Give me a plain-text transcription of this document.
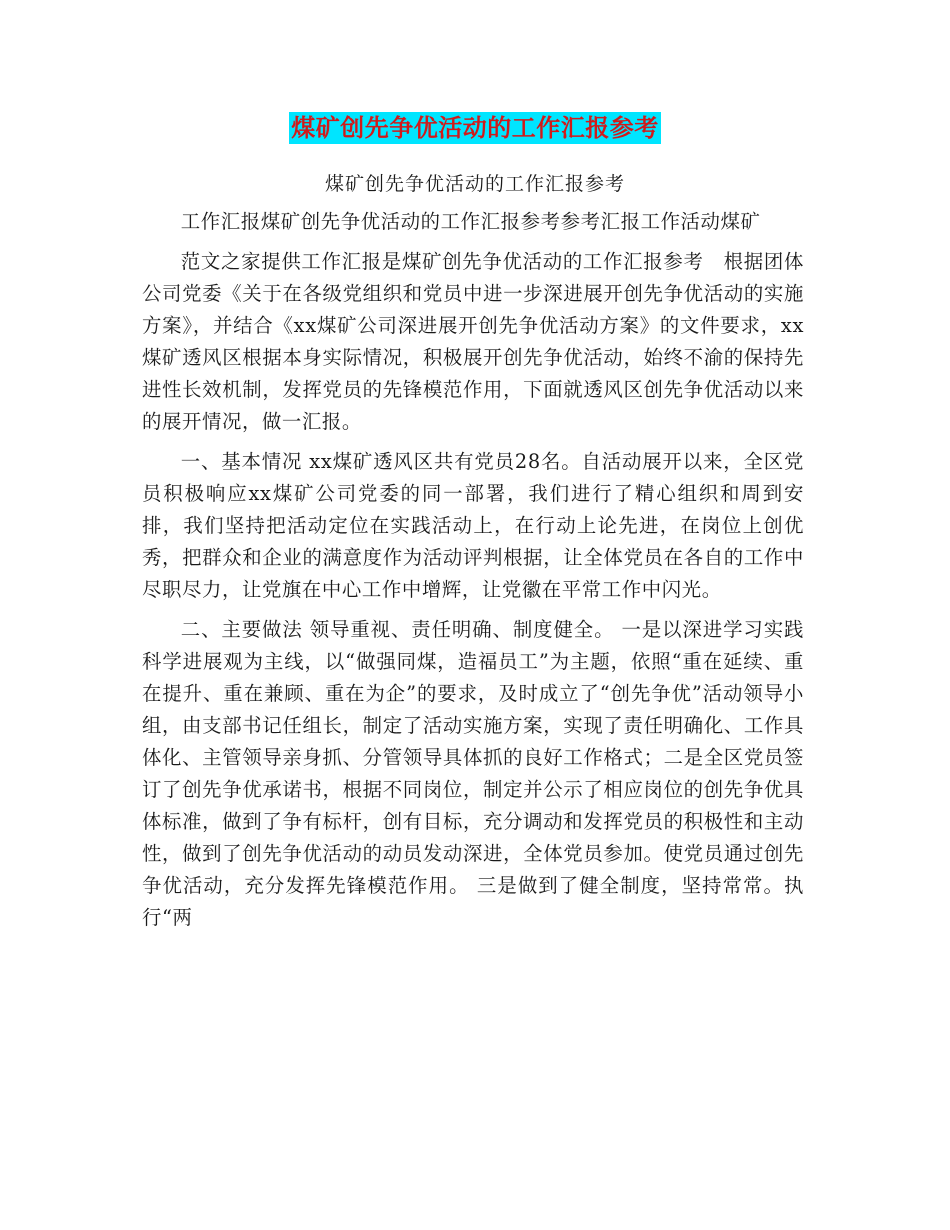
煤矿创先争优活动的工作汇报参考
煤矿创先争优活动的工作汇报参考

工作汇报煤矿创先争优活动的工作汇报参考参考汇报工作活动煤矿

范文之家提供工作汇报是煤矿创先争优活动的工作汇报参考　根据团体公司党委《关于在各级党组织和党员中进一步深进展开创先争优活动的实施方案》，并结合《xx煤矿公司深进展开创先争优活动方案》的文件要求，xx煤矿透风区根据本身实际情况，积极展开创先争优活动，始终不渝的保持先进性长效机制，发挥党员的先锋模范作用，下面就透风区创先争优活动以来的展开情况，做一汇报。

一、基本情况 xx煤矿透风区共有党员28名。自活动展开以来，全区党员积极响应xx煤矿公司党委的同一部署，我们进行了精心组织和周到安排，我们坚持把活动定位在实践活动上，在行动上论先进，在岗位上创优秀，把群众和企业的满意度作为活动评判根据，让全体党员在各自的工作中尽职尽力，让党旗在中心工作中增辉，让党徽在平常工作中闪光。

二、主要做法 领导重视、责任明确、制度健全。 一是以深进学习实践科学进展观为主线，以“做强同煤，造福员工”为主题，依照“重在延续、重在提升、重在兼顾、重在为企”的要求，及时成立了“创先争优”活动领导小组，由支部书记任组长，制定了活动实施方案，实现了责任明确化、工作具体化、主管领导亲身抓、分管领导具体抓的良好工作格式；二是全区党员签订了创先争优承诺书，根据不同岗位，制定并公示了相应岗位的创先争优具体标准，做到了争有标杆，创有目标，充分调动和发挥党员的积极性和主动性，做到了创先争优活动的动员发动深进，全体党员参加。使党员通过创先争优活动，充分发挥先锋模范作用。 三是做到了健全制度，坚持常常。执行“两
